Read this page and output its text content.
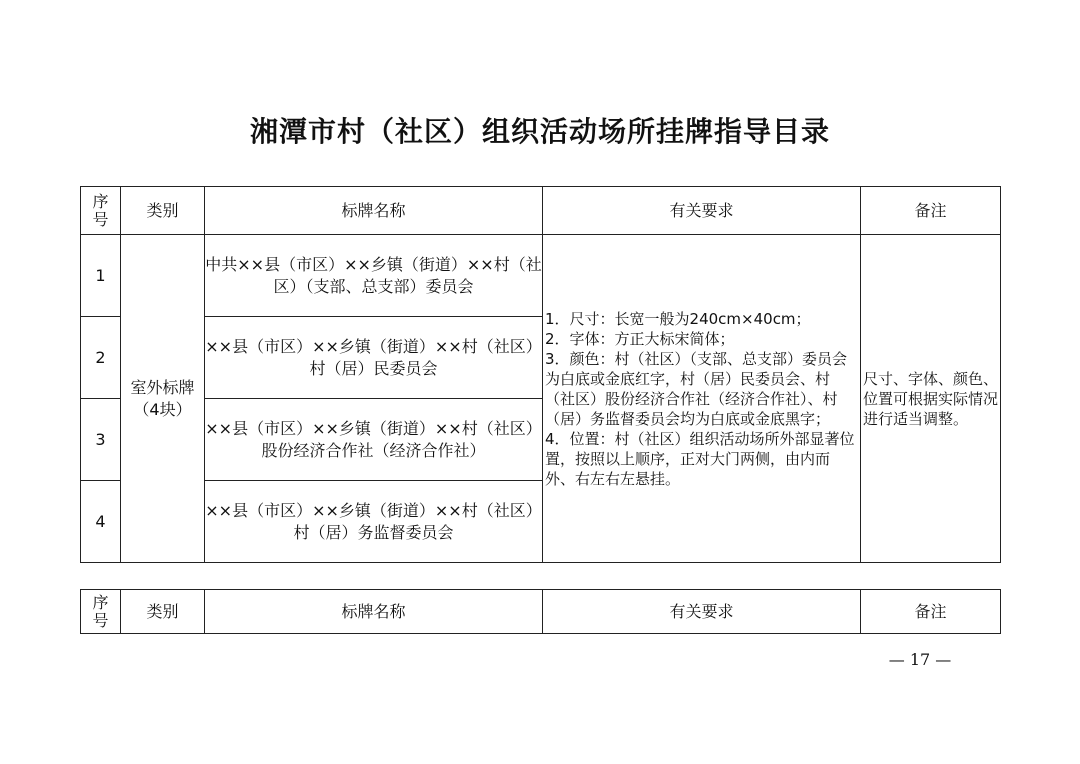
湘潭市村（社区）组织活动场所挂牌指导目录
序
号	类别	标牌名称	有关要求	备注
1	室外标牌（4块）	中共××县（市区）××乡镇（街道）××村（社区）（支部、总支部）委员会	1．尺寸：长宽一般为240cm×40cm；
2．字体：方正大标宋简体；
3．颜色：村（社区）（支部、总支部）委员会为白底或金底红字，村（居）民委员会、村（社区）股份经济合作社（经济合作社）、村（居）务监督委员会均为白底或金底黑字；
4．位置：村（社区）组织活动场所外部显著位置，按照以上顺序，正对大门两侧，由内而外、右左右左悬挂。	尺寸、字体、颜色、位置可根据实际情况进行适当调整。
2		××县（市区）××乡镇（街道）××村（社区）村（居）民委员会		
3		××县（市区）××乡镇（街道）××村（社区）股份经济合作社（经济合作社）		
4		××县（市区）××乡镇（街道）××村（社区）村（居）务监督委员会		
序
号	类别	标牌名称	有关要求	备注
— 17 —
